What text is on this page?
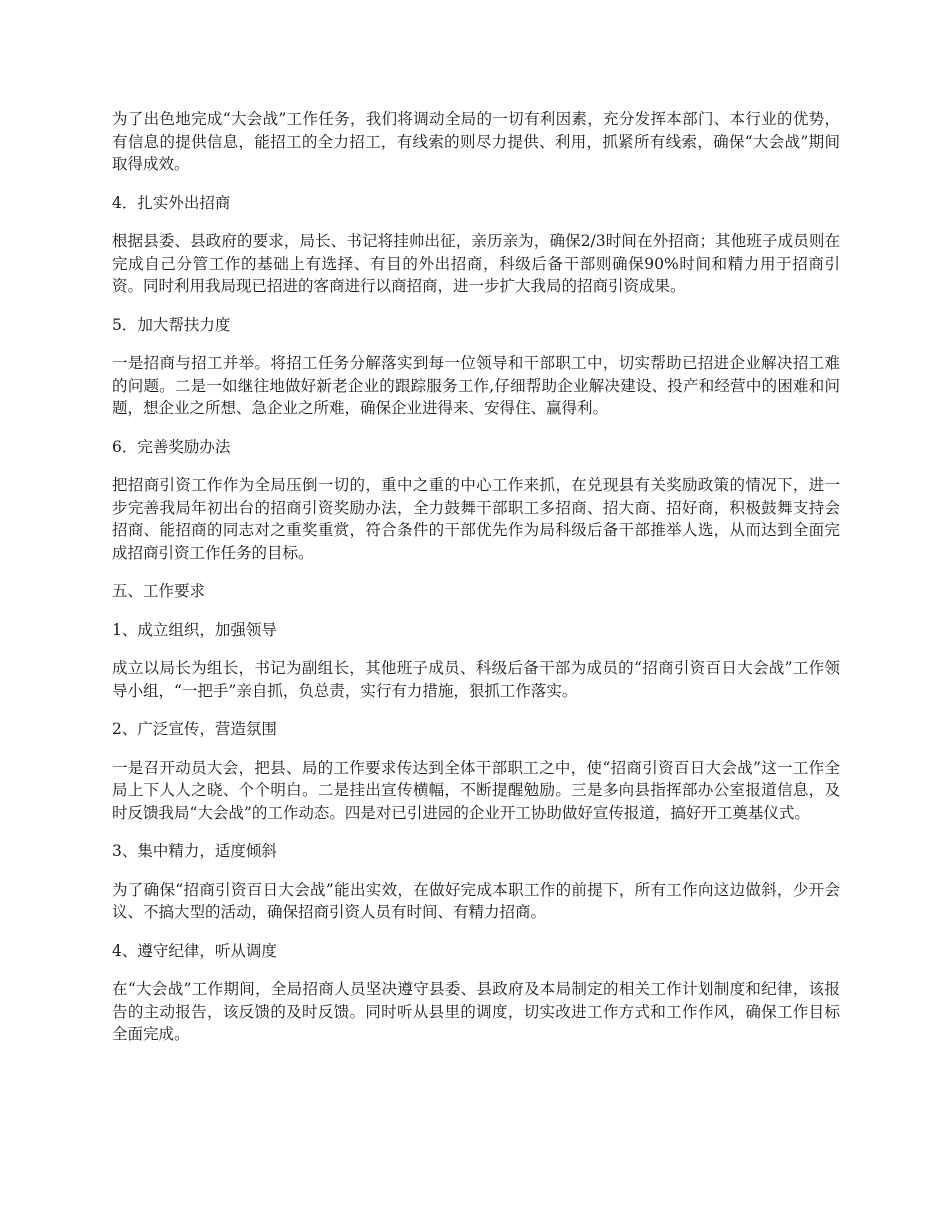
为了出色地完成“大会战”工作任务，我们将调动全局的一切有利因素，充分发挥本部门、本行业的优势，有信息的提供信息，能招工的全力招工，有线索的则尽力提供、利用，抓紧所有线索，确保“大会战”期间取得成效。

4．扎实外出招商

根据县委、县政府的要求，局长、书记将挂帅出征，亲历亲为，确保2/3时间在外招商；其他班子成员则在完成自己分管工作的基础上有选择、有目的外出招商，科级后备干部则确保90%时间和精力用于招商引资。同时利用我局现已招进的客商进行以商招商，进一步扩大我局的招商引资成果。

5．加大帮扶力度

一是招商与招工并举。将招工任务分解落实到每一位领导和干部职工中，切实帮助已招进企业解决招工难的问题。二是一如继往地做好新老企业的跟踪服务工作,仔细帮助企业解决建设、投产和经营中的困难和问题，想企业之所想、急企业之所难，确保企业进得来、安得住、赢得利。

6．完善奖励办法

把招商引资工作作为全局压倒一切的，重中之重的中心工作来抓，在兑现县有关奖励政策的情况下，进一步完善我局年初出台的招商引资奖励办法，全力鼓舞干部职工多招商、招大商、招好商，积极鼓舞支持会招商、能招商的同志对之重奖重赏，符合条件的干部优先作为局科级后备干部推举人选，从而达到全面完成招商引资工作任务的目标。

五、工作要求

1、成立组织，加强领导

成立以局长为组长，书记为副组长，其他班子成员、科级后备干部为成员的“招商引资百日大会战”工作领导小组，“一把手”亲自抓，负总责，实行有力措施，狠抓工作落实。

2、广泛宣传，营造氛围

一是召开动员大会，把县、局的工作要求传达到全体干部职工之中，使“招商引资百日大会战”这一工作全局上下人人之晓、个个明白。二是挂出宣传横幅，不断提醒勉励。三是多向县指挥部办公室报道信息，及时反馈我局“大会战”的工作动态。四是对已引进园的企业开工协助做好宣传报道，搞好开工奠基仪式。

3、集中精力，适度倾斜

为了确保“招商引资百日大会战”能出实效，在做好完成本职工作的前提下，所有工作向这边做斜，少开会议、不搞大型的活动，确保招商引资人员有时间、有精力招商。

4、遵守纪律，听从调度

在“大会战”工作期间，全局招商人员坚决遵守县委、县政府及本局制定的相关工作计划制度和纪律，该报告的主动报告，该反馈的及时反馈。同时听从县里的调度，切实改进工作方式和工作作风，确保工作目标全面完成。
